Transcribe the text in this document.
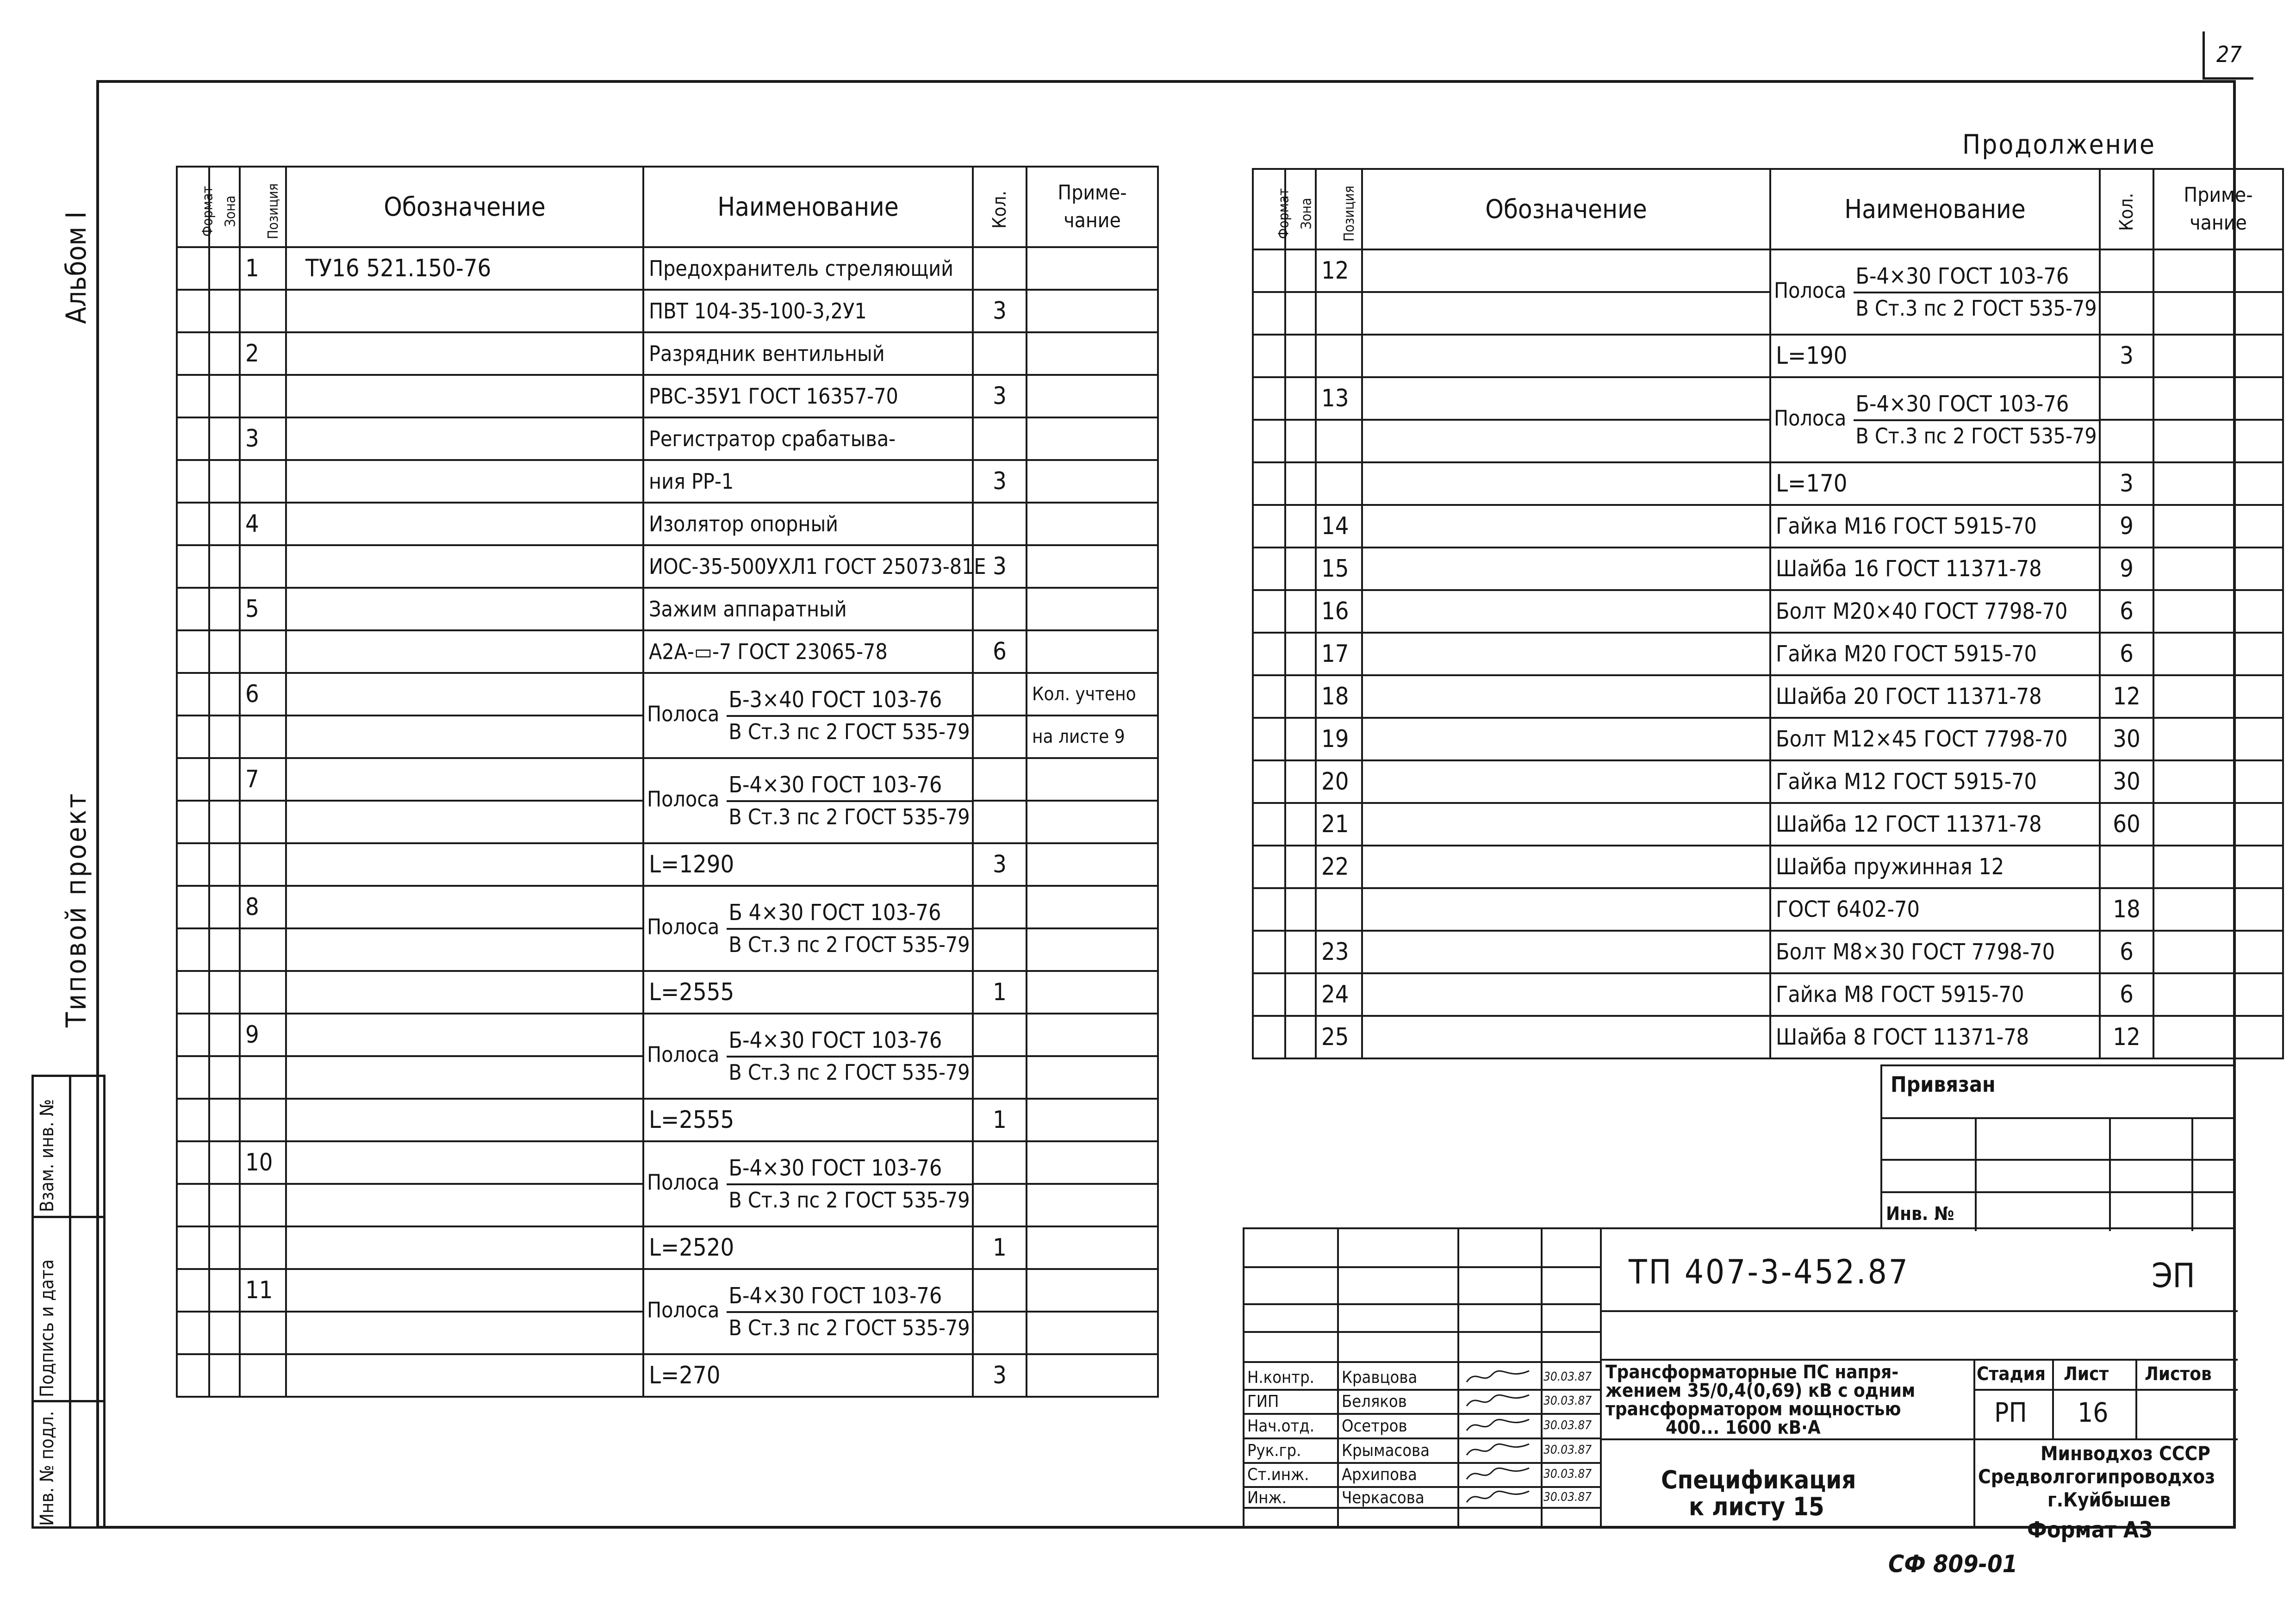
27
Альбом I
Типовой проект
Инв. № подл.
Подпись и дата
Взам. инв. №
Продолжение
Формат	Зона	Позиция	Обозначение	Наименование	Кол.	Приме- чание
		1	ТУ16 521.150-76	Предохранитель стреляющий		
				ПВТ 104-35-100-3,2У1	3	
		2		Разрядник вентильный		
				РВС-35У1 ГОСТ 16357-70	3	
		3		Регистратор срабатыва-		
				ния РР-1	3	
		4		Изолятор опорный		
				ИОС-35-500УХЛ1 ГОСТ 25073-81Е	3	
		5		Зажим аппаратный		
				А2А-▭-7 ГОСТ 23065-78	6	
		6		Полоса $\frac{\text{Б-3×40 ГОСТ 103-76}}{\text{В Ст.3 пс 2 ГОСТ 535-79}}$		Кол. учтено
						на листе 9
		7		Полоса $\frac{\text{Б-4×30 ГОСТ 103-76}}{\text{В Ст.3 пс 2 ГОСТ 535-79}}$

				L=1290	3	
		8		Полоса $\frac{\text{Б 4×30 ГОСТ 103-76}}{\text{В Ст.3 пс 2 ГОСТ 535-79}}$

				L=2555	1	
		9		Полоса $\frac{\text{Б-4×30 ГОСТ 103-76}}{\text{В Ст.3 пс 2 ГОСТ 535-79}}$

				L=2555	1	
		10		Полоса $\frac{\text{Б-4×30 ГОСТ 103-76}}{\text{В Ст.3 пс 2 ГОСТ 535-79}}$

				L=2520	1	
		11		Полоса $\frac{\text{Б-4×30 ГОСТ 103-76}}{\text{В Ст.3 пс 2 ГОСТ 535-79}}$

				L=270	3	
Формат	Зона	Позиция	Обозначение	Наименование	Кол.	Приме- чание
		12		Полоса $\frac{\text{Б-4×30 ГОСТ 103-76}}{\text{В Ст.3 пс 2 ГОСТ 535-79}}$

				L=190	3	
		13		Полоса $\frac{\text{Б-4×30 ГОСТ 103-76}}{\text{В Ст.3 пс 2 ГОСТ 535-79}}$

				L=170	3	
		14		Гайка М16 ГОСТ 5915-70	9	
		15		Шайба 16 ГОСТ 11371-78	9	
		16		Болт М20×40 ГОСТ 7798-70	6	
		17		Гайка М20 ГОСТ 5915-70	6	
		18		Шайба 20 ГОСТ 11371-78	12	
		19		Болт М12×45 ГОСТ 7798-70	30	
		20		Гайка М12 ГОСТ 5915-70	30	
		21		Шайба 12 ГОСТ 11371-78	60	
		22		Шайба пружинная 12		
				ГОСТ 6402-70	18	
		23		Болт М8×30 ГОСТ 7798-70	6	
		24		Гайка М8 ГОСТ 5915-70	6	
		25		Шайба 8 ГОСТ 11371-78	12	
Привязан
Инв. №
ТП 407-3-452.87	ЭП
Трансформаторные ПС напря-
жением 35/0,4(0,69) кВ с одним
трансформатором мощностью
400... 1600 кВ·А
Стадия Лист Листов
РП 16
Спецификация
к листу 15
Минводхоз СССР
Средволгогипроводхоз
г.Куйбышев
Н.контр. Кравцова	30.03.87
ГИП	Беляков	30.03.87
Нач.отд. Осетров	30.03.87
Рук.гр. Крымасова	30.03.87
Ст.инж. Архипова	30.03.87
Инж.	Черкасова	30.03.87
Формат А3
СФ 809-01
